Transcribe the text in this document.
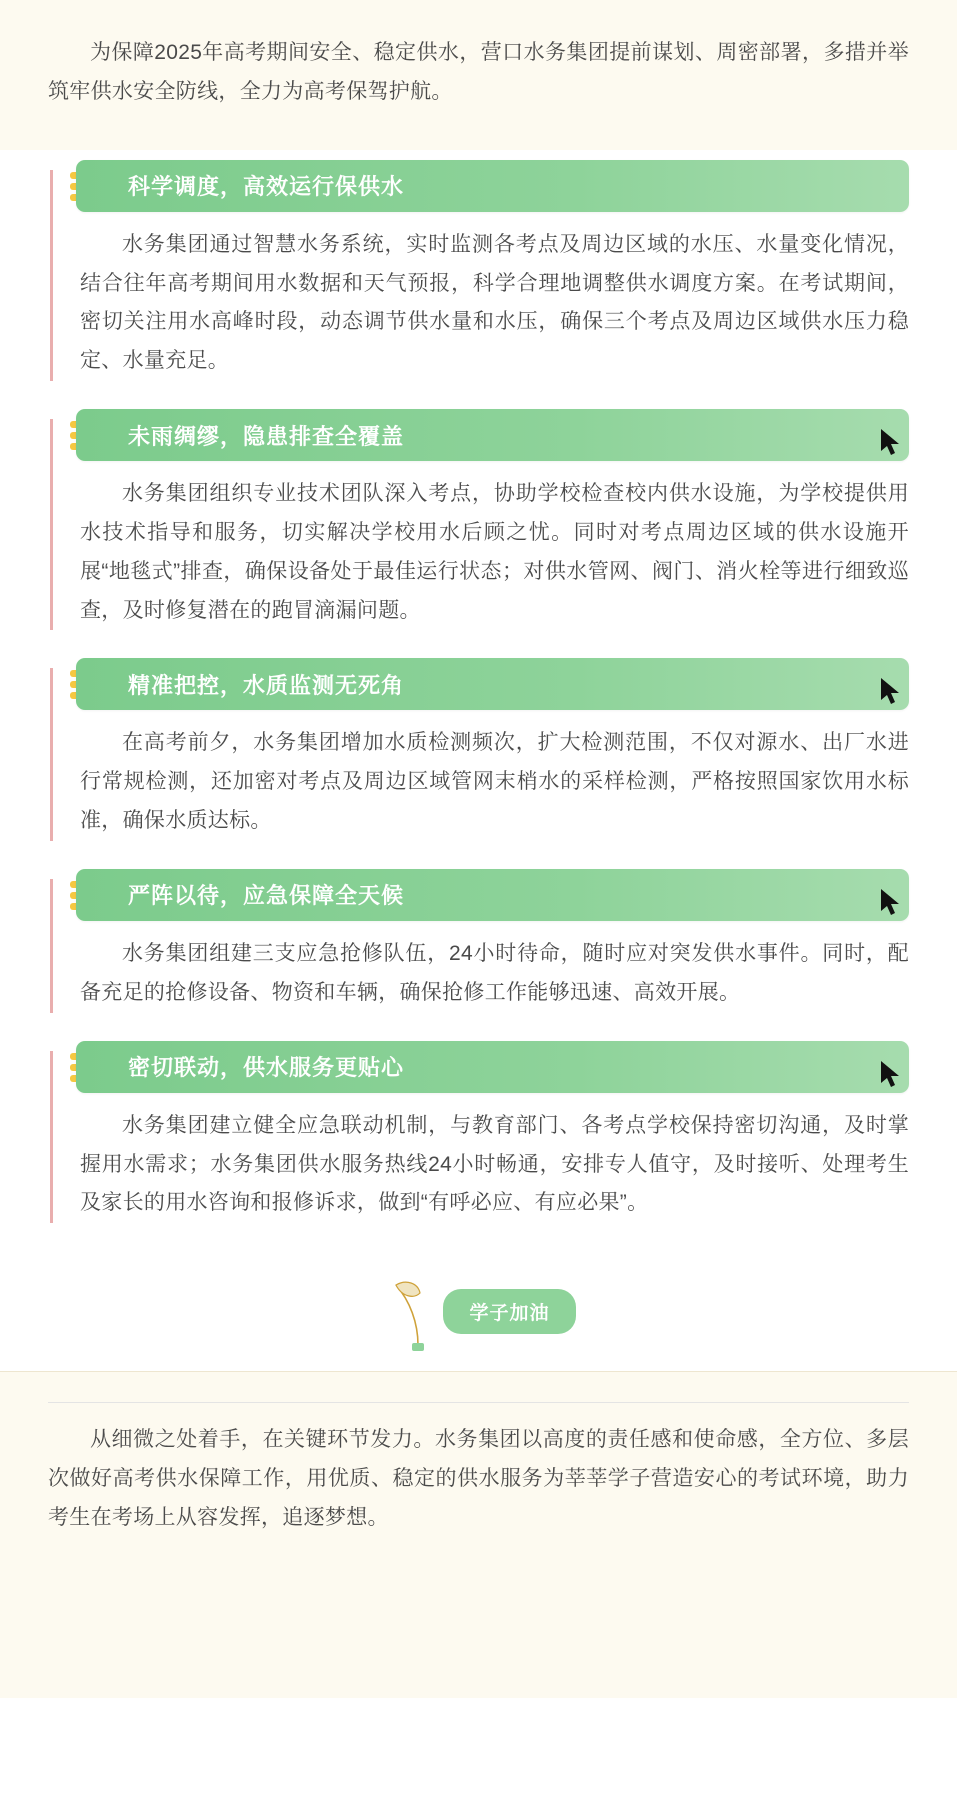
为保障2025年高考期间安全、稳定供水，营口水务集团提前谋划、周密部署，多措并举筑牢供水安全防线，全力为高考保驾护航。

科学调度，高效运行保供水

水务集团通过智慧水务系统，实时监测各考点及周边区域的水压、水量变化情况，结合往年高考期间用水数据和天气预报，科学合理地调整供水调度方案。在考试期间，密切关注用水高峰时段，动态调节供水量和水压，确保三个考点及周边区域供水压力稳定、水量充足。

未雨绸缪，隐患排查全覆盖

水务集团组织专业技术团队深入考点，协助学校检查校内供水设施，为学校提供用水技术指导和服务，切实解决学校用水后顾之忧。同时对考点周边区域的供水设施开展“地毯式”排查，确保设备处于最佳运行状态；对供水管网、阀门、消火栓等进行细致巡查，及时修复潜在的跑冒滴漏问题。

精准把控，水质监测无死角

在高考前夕，水务集团增加水质检测频次，扩大检测范围，不仅对源水、出厂水进行常规检测，还加密对考点及周边区域管网末梢水的采样检测，严格按照国家饮用水标准，确保水质达标。

严阵以待，应急保障全天候

水务集团组建三支应急抢修队伍，24小时待命，随时应对突发供水事件。同时，配备充足的抢修设备、物资和车辆，确保抢修工作能够迅速、高效开展。

密切联动，供水服务更贴心

水务集团建立健全应急联动机制，与教育部门、各考点学校保持密切沟通，及时掌握用水需求；水务集团供水服务热线24小时畅通，安排专人值守，及时接听、处理考生及家长的用水咨询和报修诉求，做到“有呼必应、有应必果”。

学子加油

从细微之处着手，在关键环节发力。水务集团以高度的责任感和使命感，全方位、多层次做好高考供水保障工作，用优质、稳定的供水服务为莘莘学子营造安心的考试环境，助力考生在考场上从容发挥，追逐梦想。
